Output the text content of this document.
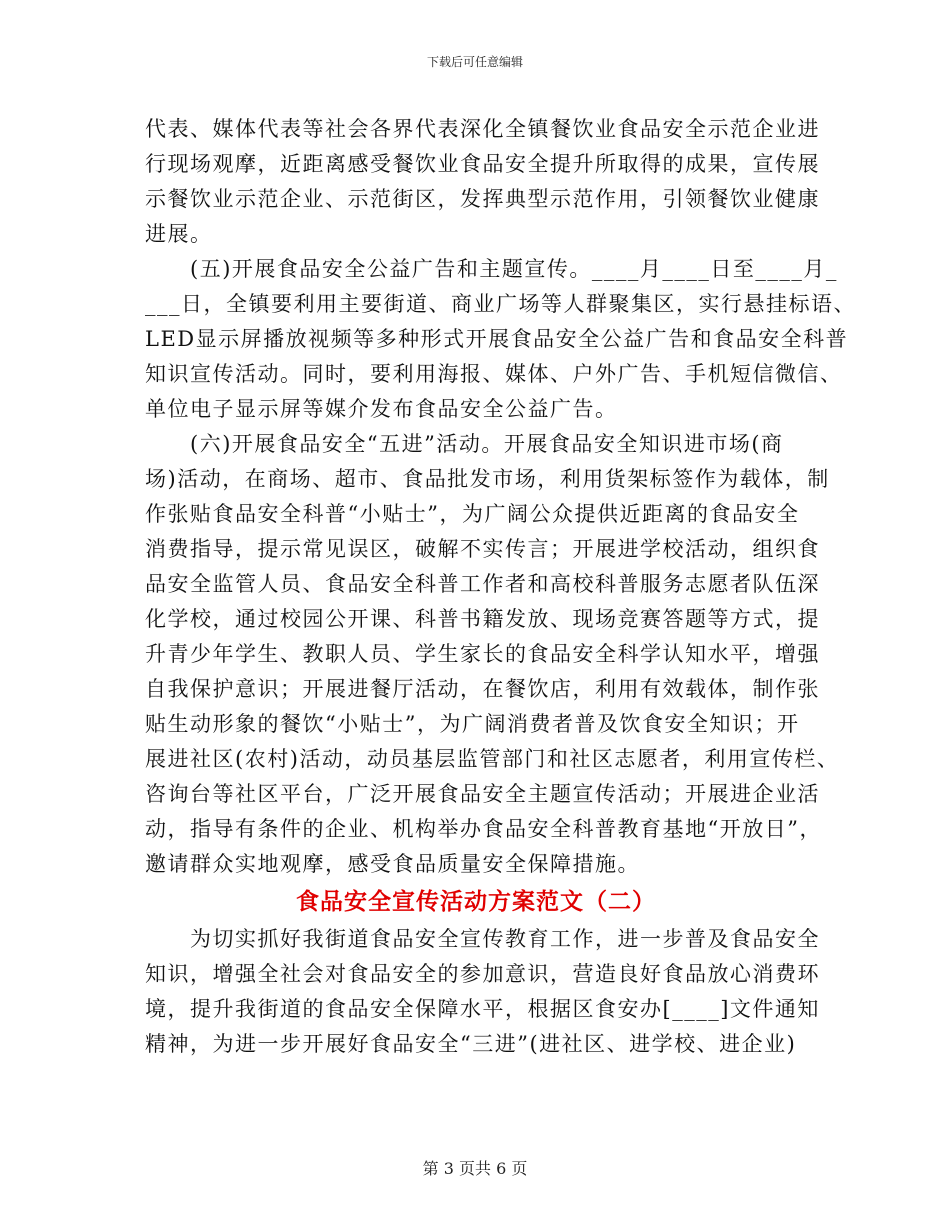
下载后可任意编辑
代表、媒体代表等社会各界代表深化全镇餐饮业食品安全示范企业进
行现场观摩，近距离感受餐饮业食品安全提升所取得的成果，宣传展
示餐饮业示范企业、示范街区，发挥典型示范作用，引领餐饮业健康
进展。
　　(五)开展食品安全公益广告和主题宣传。____月____日至____月_
___日，全镇要利用主要街道、商业广场等人群聚集区，实行悬挂标语、
LED显示屏播放视频等多种形式开展食品安全公益广告和食品安全科普
知识宣传活动。同时，要利用海报、媒体、户外广告、手机短信微信、
单位电子显示屏等媒介发布食品安全公益广告。
　　(六)开展食品安全“五进”活动。开展食品安全知识进市场(商
场)活动，在商场、超市、食品批发市场，利用货架标签作为载体，制
作张贴食品安全科普“小贴士”，为广阔公众提供近距离的食品安全
消费指导，提示常见误区，破解不实传言；开展进学校活动，组织食
品安全监管人员、食品安全科普工作者和高校科普服务志愿者队伍深
化学校，通过校园公开课、科普书籍发放、现场竞赛答题等方式，提
升青少年学生、教职人员、学生家长的食品安全科学认知水平，增强
自我保护意识；开展进餐厅活动，在餐饮店，利用有效载体，制作张
贴生动形象的餐饮“小贴士”，为广阔消费者普及饮食安全知识；开
展进社区(农村)活动，动员基层监管部门和社区志愿者，利用宣传栏、
咨询台等社区平台，广泛开展食品安全主题宣传活动；开展进企业活
动，指导有条件的企业、机构举办食品安全科普教育基地“开放日”，
邀请群众实地观摩，感受食品质量安全保障措施。
食品安全宣传活动方案范文（二）
　　为切实抓好我街道食品安全宣传教育工作，进一步普及食品安全
知识，增强全社会对食品安全的参加意识，营造良好食品放心消费环
境，提升我街道的食品安全保障水平，根据区食安办[____]文件通知
精神，为进一步开展好食品安全“三进”(进社区、进学校、进企业)
第 3 页共 6 页
